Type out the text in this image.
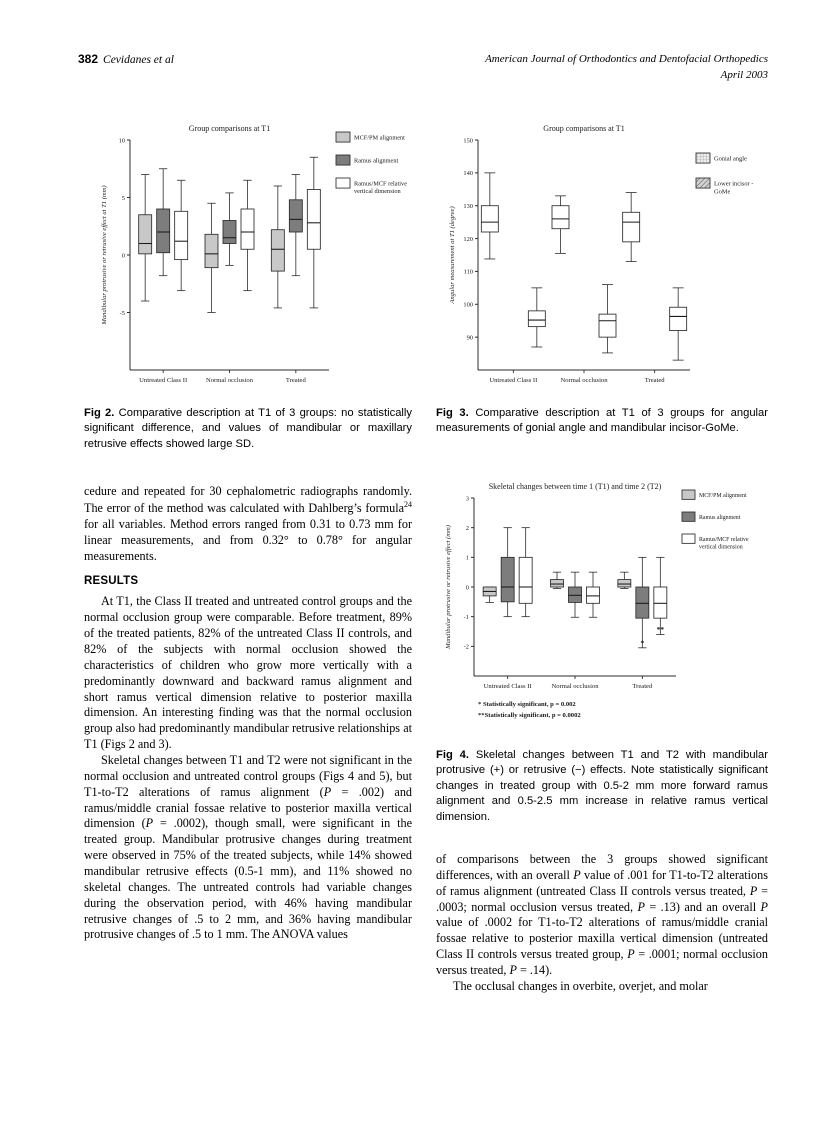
382 Cevidanes et al	American Journal of Orthodontics and Dentofacial Orthopedics
April 2003
10
5
0
-5
Group comparisons at T1
Mandibular protrusive or retrusive effect at T1 (mm)
Untreated Class II	Normal occlusion	Treated
MCF/PM alignment
Ramus alignment
Ramus/MCF relative
vertical dimension
150
140
130
120
110
100
90
Group comparisons at T1
Angular measurement at T1 (degree)
Untreated Class II	Normal occlusion	Treated
Gonial angle
Lower incisor -
GoMe

Fig 2. Comparative description at T1 of 3 groups: no statistically significant difference, and values of mandibular or maxillary retrusive effects showed large SD.

Fig 3. Comparative description at T1 of 3 groups for angular measurements of gonial angle and mandibular incisor-GoMe.

cedure and repeated for 30 cephalometric radiographs randomly. The error of the method was calculated with Dahlberg’s formula$^{24}$ for all variables. Method errors ranged from 0.31 to 0.73 mm for linear measurements, and from 0.32° to 0.78° for angular measurements.

RESULTS

At T1, the Class II treated and untreated control groups and the normal occlusion group were comparable. Before treatment, 89% of the treated patients, 82% of the untreated Class II controls, and 82% of the subjects with normal occlusion showed the characteristics of children who grow more vertically with a predominantly downward and backward ramus alignment and short ramus vertical dimension relative to posterior maxilla dimension. An interesting finding was that the normal occlusion group also had predominantly mandibular retrusive relationships at T1 (Figs 2 and 3).

Skeletal changes between T1 and T2 were not significant in the normal occlusion and untreated control groups (Figs 4 and 5), but T1-to-T2 alterations of ramus alignment (P = .002) and ramus/middle cranial fossae relative to posterior maxilla vertical dimension (P = .0002), though small, were significant in the treated group. Mandibular protrusive changes during treatment were observed in 75% of the treated subjects, while 14% showed mandibular retrusive effects (0.5-1 mm), and 11% showed no skeletal changes. The untreated controls had variable changes during the observation period, with 46% having mandibular retrusive changes of .5 to 2 mm, and 36% having mandibular protrusive changes of .5 to 1 mm. The ANOVA values

3
2
1
0
-1
-2
Skeletal changes between time 1 (T1) and time 2 (T2)
Mandibular protrusive or retrusive effect (mm)
Untreated Class II	Normal occlusion	Treated
*
**
MCF/PM alignment
Ramus alignment
Ramus/MCF relative
vertical dimension
* Statistically significant, p = 0.002
**Statistically significant, p = 0.0002

Fig 4. Skeletal changes between T1 and T2 with mandibular protrusive (+) or retrusive (−) effects. Note statistically significant changes in treated group with 0.5-2 mm more forward ramus alignment and 0.5-2.5 mm increase in relative ramus vertical dimension.

of comparisons between the 3 groups showed significant differences, with an overall P value of .001 for T1-to-T2 alterations of ramus alignment (untreated Class II controls versus treated, P = .0003; normal occlusion versus treated, P = .13) and an overall P value of .0002 for T1-to-T2 alterations of ramus/middle cranial fossae relative to posterior maxilla vertical dimension (untreated Class II controls versus treated group, P = .0001; normal occlusion versus treated, P = .14).

The occlusal changes in overbite, overjet, and molar
